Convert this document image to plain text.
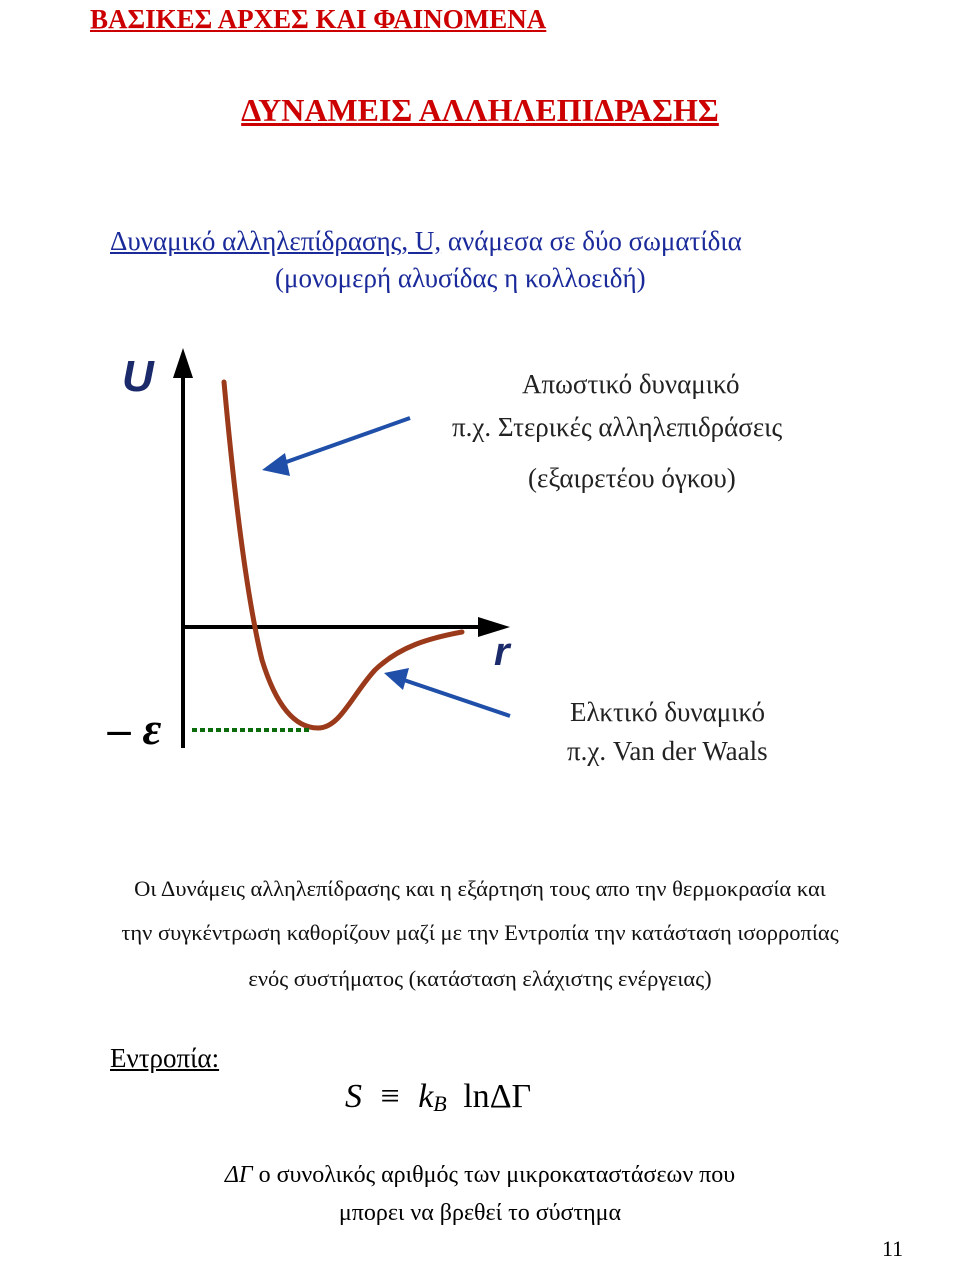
ΒΑΣΙΚΕΣ ΑΡΧΕΣ ΚΑΙ ΦΑΙΝΟΜΕΝΑ
ΔΥΝΑΜΕΙΣ ΑΛΛΗΛΕΠΙΔΡΑΣΗΣ
Δυναμικό αλληλεπίδρασης, U, ανάμεσα σε δύο σωματίδια
(μονομερή αλυσίδας η κολλοειδή)
U
r
– ε
Απωστικό δυναμικό
π.χ. Στερικές αλληλεπιδράσεις
(εξαιρετέου όγκου)
Ελκτικό δυναμικό
π.χ. Van der Waals
Οι Δυνάμεις αλληλεπίδρασης και η εξάρτηση τους απο την θερμοκρασία και
την συγκέντρωση καθορίζουν μαζί με την Εντροπία την κατάσταση ισορροπίας
ενός συστήματος (κατάσταση ελάχιστης ενέργειας)
Εντροπία:
$S \equiv k_B$ lnΔΓ
ΔΓ ο συνολικός αριθμός των μικροκαταστάσεων που
μπορει να βρεθεί το σύστημα
11
